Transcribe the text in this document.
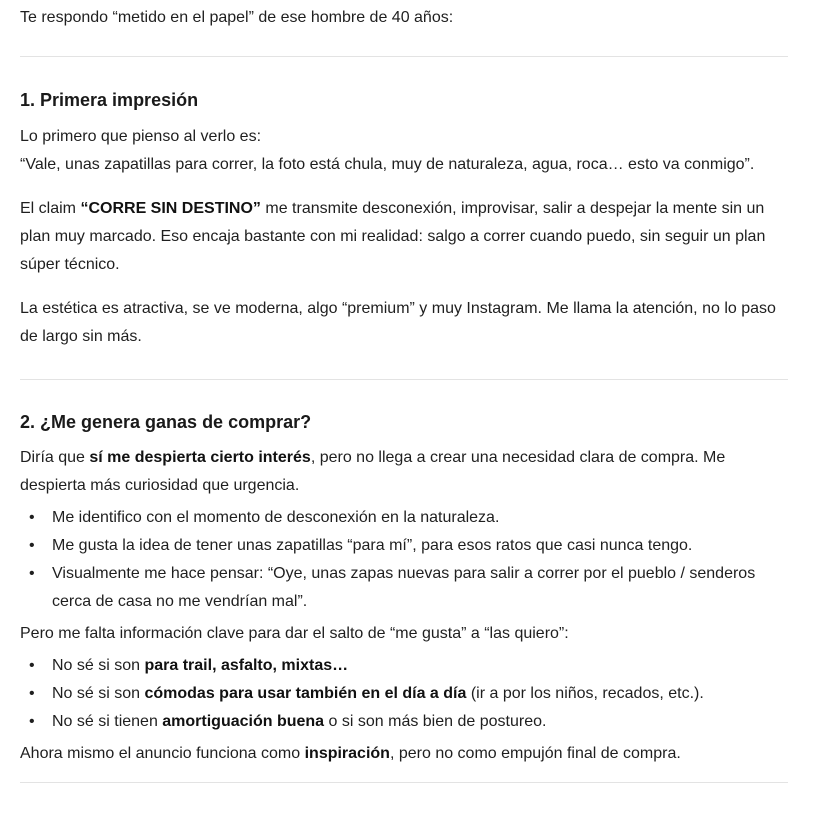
Te respondo “metido en el papel” de ese hombre de 40 años:

1. Primera impresión

Lo primero que pienso al verlo es:
“Vale, unas zapatillas para correr, la foto está chula, muy de naturaleza, agua, roca… esto va conmigo”.

El claim “CORRE SIN DESTINO” me transmite desconexión, improvisar, salir a despejar la mente sin un plan muy marcado. Eso encaja bastante con mi realidad: salgo a correr cuando puedo, sin seguir un plan súper técnico.

La estética es atractiva, se ve moderna, algo “premium” y muy Instagram. Me llama la atención, no lo paso de largo sin más.

2. ¿Me genera ganas de comprar?

Diría que sí me despierta cierto interés, pero no llega a crear una necesidad clara de compra. Me despierta más curiosidad que urgencia.

• Me identifico con el momento de desconexión en la naturaleza.
• Me gusta la idea de tener unas zapatillas “para mí”, para esos ratos que casi nunca tengo.
• Visualmente me hace pensar: “Oye, unas zapas nuevas para salir a correr por el pueblo / senderos cerca de casa no me vendrían mal”.

Pero me falta información clave para dar el salto de “me gusta” a “las quiero”:

• No sé si son para trail, asfalto, mixtas…
• No sé si son cómodas para usar también en el día a día (ir a por los niños, recados, etc.).
• No sé si tienen amortiguación buena o si son más bien de postureo.

Ahora mismo el anuncio funciona como inspiración, pero no como empujón final de compra.
